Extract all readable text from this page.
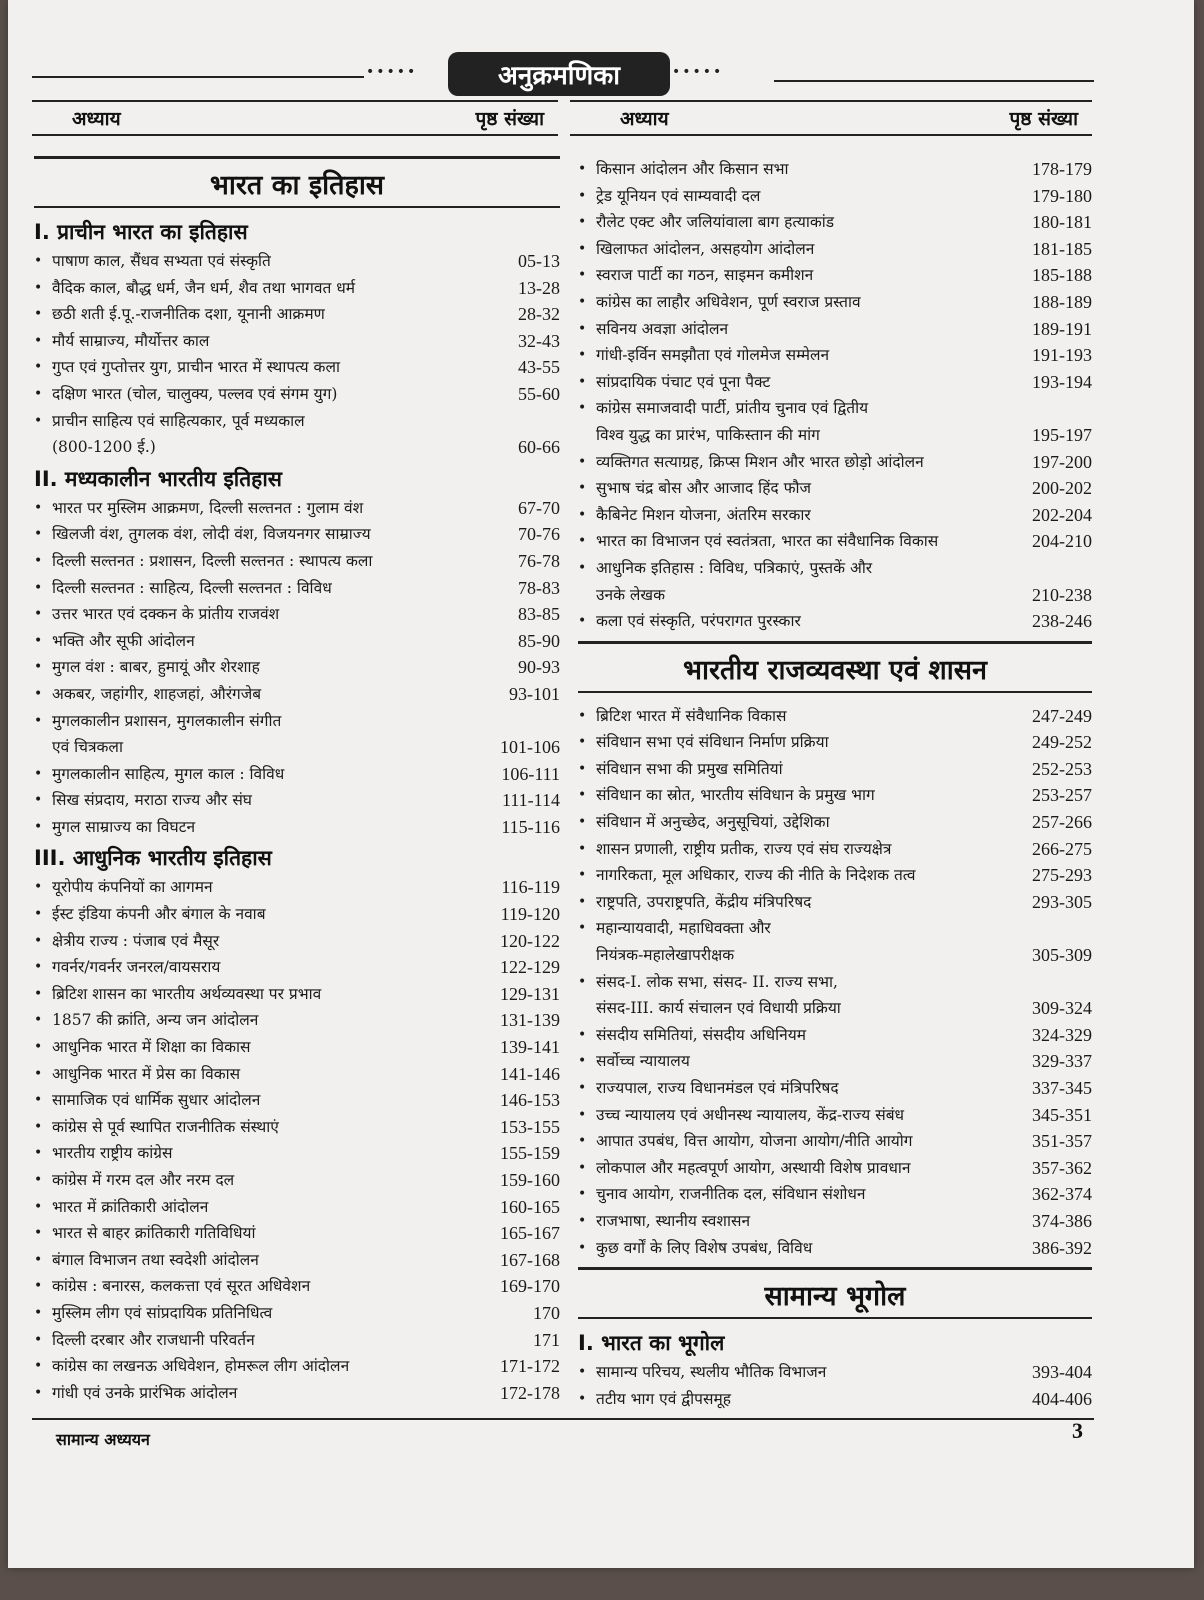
•••••	अनुक्रमणिका	•••••
अध्याय	पृष्ठ संख्या	अध्याय	पृष्ठ संख्या
भारत का इतिहास
I. प्राचीन भारत का इतिहास
• पाषाण काल, सैंधव सभ्यता एवं संस्कृति	05-13
• वैदिक काल, बौद्ध धर्म, जैन धर्म, शैव तथा भागवत धर्म	13-28
• छठी शती ई.पू.-राजनीतिक दशा, यूनानी आक्रमण	28-32
• मौर्य साम्राज्य, मौर्योत्तर काल	32-43
• गुप्त एवं गुप्तोत्तर युग, प्राचीन भारत में स्थापत्य कला	43-55
• दक्षिण भारत (चोल, चालुक्य, पल्लव एवं संगम युग)	55-60
• प्राचीन साहित्य एवं साहित्यकार, पूर्व मध्यकाल
(800-1200 ई.)	60-66
II. मध्यकालीन भारतीय इतिहास
• भारत पर मुस्लिम आक्रमण, दिल्ली सल्तनत : गुलाम वंश	67-70
• खिलजी वंश, तुगलक वंश, लोदी वंश, विजयनगर साम्राज्य	70-76
• दिल्ली सल्तनत : प्रशासन, दिल्ली सल्तनत : स्थापत्य कला	76-78
• दिल्ली सल्तनत : साहित्य, दिल्ली सल्तनत : विविध	78-83
• उत्तर भारत एवं दक्कन के प्रांतीय राजवंश	83-85
• भक्ति और सूफी आंदोलन	85-90
• मुगल वंश : बाबर, हुमायूं और शेरशाह	90-93
• अकबर, जहांगीर, शाहजहां, औरंगजेब	93-101
• मुगलकालीन प्रशासन, मुगलकालीन संगीत
एवं चित्रकला	101-106
• मुगलकालीन साहित्य, मुगल काल : विविध	106-111
• सिख संप्रदाय, मराठा राज्य और संघ	111-114
• मुगल साम्राज्य का विघटन	115-116
III. आधुनिक भारतीय इतिहास
• यूरोपीय कंपनियों का आगमन	116-119
• ईस्ट इंडिया कंपनी और बंगाल के नवाब	119-120
• क्षेत्रीय राज्य : पंजाब एवं मैसूर	120-122
• गवर्नर/गवर्नर जनरल/वायसराय	122-129
• ब्रिटिश शासन का भारतीय अर्थव्यवस्था पर प्रभाव	129-131
• 1857 की क्रांति, अन्य जन आंदोलन	131-139
• आधुनिक भारत में शिक्षा का विकास	139-141
• आधुनिक भारत में प्रेस का विकास	141-146
• सामाजिक एवं धार्मिक सुधार आंदोलन	146-153
• कांग्रेस से पूर्व स्थापित राजनीतिक संस्थाएं	153-155
• भारतीय राष्ट्रीय कांग्रेस	155-159
• कांग्रेस में गरम दल और नरम दल	159-160
• भारत में क्रांतिकारी आंदोलन	160-165
• भारत से बाहर क्रांतिकारी गतिविधियां	165-167
• बंगाल विभाजन तथा स्वदेशी आंदोलन	167-168
• कांग्रेस : बनारस, कलकत्ता एवं सूरत अधिवेशन	169-170
• मुस्लिम लीग एवं सांप्रदायिक प्रतिनिधित्व	170
• दिल्ली दरबार और राजधानी परिवर्तन	171
• कांग्रेस का लखनऊ अधिवेशन, होमरूल लीग आंदोलन	171-172
• गांधी एवं उनके प्रारंभिक आंदोलन	172-178
• किसान आंदोलन और किसान सभा	178-179
• ट्रेड यूनियन एवं साम्यवादी दल	179-180
• रौलेट एक्ट और जलियांवाला बाग हत्याकांड	180-181
• खिलाफत आंदोलन, असहयोग आंदोलन	181-185
• स्वराज पार्टी का गठन, साइमन कमीशन	185-188
• कांग्रेस का लाहौर अधिवेशन, पूर्ण स्वराज प्रस्ताव	188-189
• सविनय अवज्ञा आंदोलन	189-191
• गांधी-इर्विन समझौता एवं गोलमेज सम्मेलन	191-193
• सांप्रदायिक पंचाट एवं पूना पैक्ट	193-194
• कांग्रेस समाजवादी पार्टी, प्रांतीय चुनाव एवं द्वितीय
विश्व युद्ध का प्रारंभ, पाकिस्तान की मांग	195-197
• व्यक्तिगत सत्याग्रह, क्रिप्स मिशन और भारत छोड़ो आंदोलन	197-200
• सुभाष चंद्र बोस और आजाद हिंद फौज	200-202
• कैबिनेट मिशन योजना, अंतरिम सरकार	202-204
• भारत का विभाजन एवं स्वतंत्रता, भारत का संवैधानिक विकास	204-210
• आधुनिक इतिहास : विविध, पत्रिकाएं, पुस्तकें और
उनके लेखक	210-238
• कला एवं संस्कृति, परंपरागत पुरस्कार	238-246
भारतीय राजव्यवस्था एवं शासन
• ब्रिटिश भारत में संवैधानिक विकास	247-249
• संविधान सभा एवं संविधान निर्माण प्रक्रिया	249-252
• संविधान सभा की प्रमुख समितियां	252-253
• संविधान का स्रोत, भारतीय संविधान के प्रमुख भाग	253-257
• संविधान में अनुच्छेद, अनुसूचियां, उद्देशिका	257-266
• शासन प्रणाली, राष्ट्रीय प्रतीक, राज्य एवं संघ राज्यक्षेत्र	266-275
• नागरिकता, मूल अधिकार, राज्य की नीति के निदेशक तत्व	275-293
• राष्ट्रपति, उपराष्ट्रपति, केंद्रीय मंत्रिपरिषद	293-305
• महान्यायवादी, महाधिवक्ता और
नियंत्रक-महालेखापरीक्षक	305-309
• संसद-I. लोक सभा, संसद- II. राज्य सभा,
संसद-III. कार्य संचालन एवं विधायी प्रक्रिया	309-324
• संसदीय समितियां, संसदीय अधिनियम	324-329
• सर्वोच्च न्यायालय	329-337
• राज्यपाल, राज्य विधानमंडल एवं मंत्रिपरिषद	337-345
• उच्च न्यायालय एवं अधीनस्थ न्यायालय, केंद्र-राज्य संबंध	345-351
• आपात उपबंध, वित्त आयोग, योजना आयोग/नीति आयोग	351-357
• लोकपाल और महत्वपूर्ण आयोग, अस्थायी विशेष प्रावधान	357-362
• चुनाव आयोग, राजनीतिक दल, संविधान संशोधन	362-374
• राजभाषा, स्थानीय स्वशासन	374-386
• कुछ वर्गों के लिए विशेष उपबंध, विविध	386-392
सामान्य भूगोल
I. भारत का भूगोल
• सामान्य परिचय, स्थलीय भौतिक विभाजन	393-404
• तटीय भाग एवं द्वीपसमूह	404-406
सामान्य अध्ययन	3
